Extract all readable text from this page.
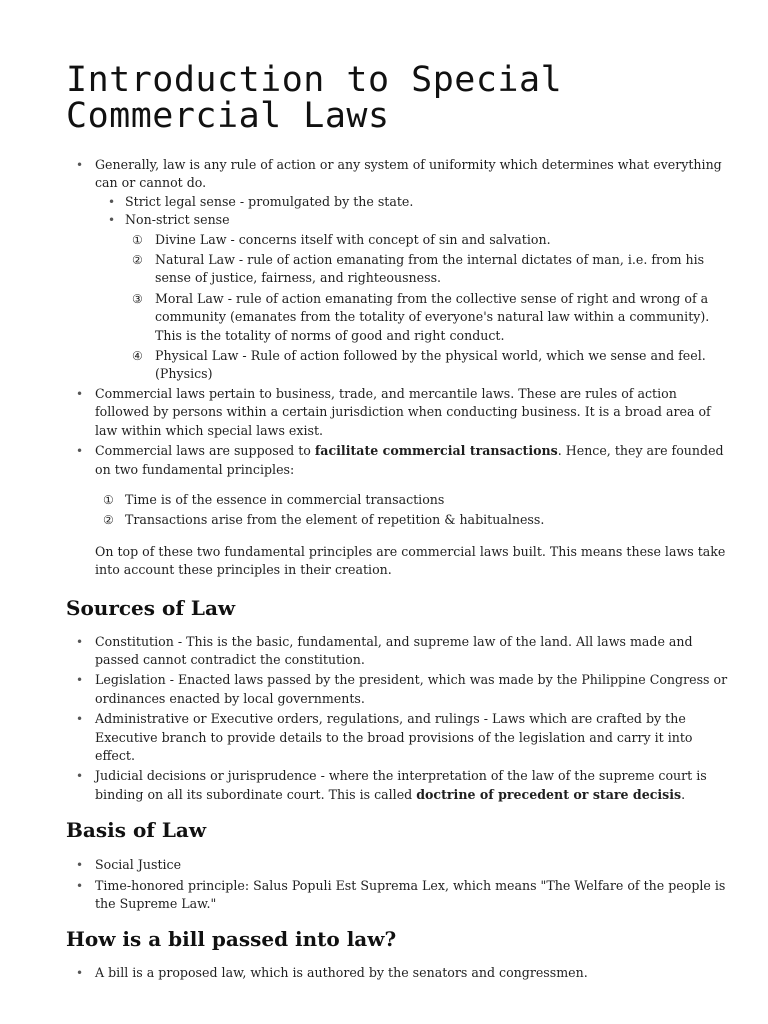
Introduction to Special
Commercial Laws
• Generally, law is any rule of action or any system of uniformity which determines what everything can or cannot do.
• Strict legal sense - promulgated by the state.
• Non-strict sense
① Divine Law - concerns itself with concept of sin and salvation.
② Natural Law - rule of action emanating from the internal dictates of man, i.e. from his sense of justice, fairness, and righteousness.
③ Moral Law - rule of action emanating from the collective sense of right and wrong of a community (emanates from the totality of everyone's natural law within a community). This is the totality of norms of good and right conduct.
④ Physical Law - Rule of action followed by the physical world, which we sense and feel. (Physics)
• Commercial laws pertain to business, trade, and mercantile laws. These are rules of action followed by persons within a certain jurisdiction when conducting business. It is a broad area of law within which special laws exist.
• Commercial laws are supposed to facilitate commercial transactions. Hence, they are founded on two fundamental principles:
① Time is of the essence in commercial transactions
② Transactions arise from the element of repetition & habitualness.

On top of these two fundamental principles are commercial laws built. This means these laws take into account these principles in their creation.

Sources of Law
• Constitution - This is the basic, fundamental, and supreme law of the land. All laws made and passed cannot contradict the constitution.
• Legislation - Enacted laws passed by the president, which was made by the Philippine Congress or ordinances enacted by local governments.
• Administrative or Executive orders, regulations, and rulings - Laws which are crafted by the Executive branch to provide details to the broad provisions of the legislation and carry it into effect.
• Judicial decisions or jurisprudence - where the interpretation of the law of the supreme court is binding on all its subordinate court. This is called doctrine of precedent or stare decisis.
Basis of Law
• Social Justice
• Time-honored principle: Salus Populi Est Suprema Lex, which means "The Welfare of the people is the Supreme Law."
How is a bill passed into law?
• A bill is a proposed law, which is authored by the senators and congressmen.
